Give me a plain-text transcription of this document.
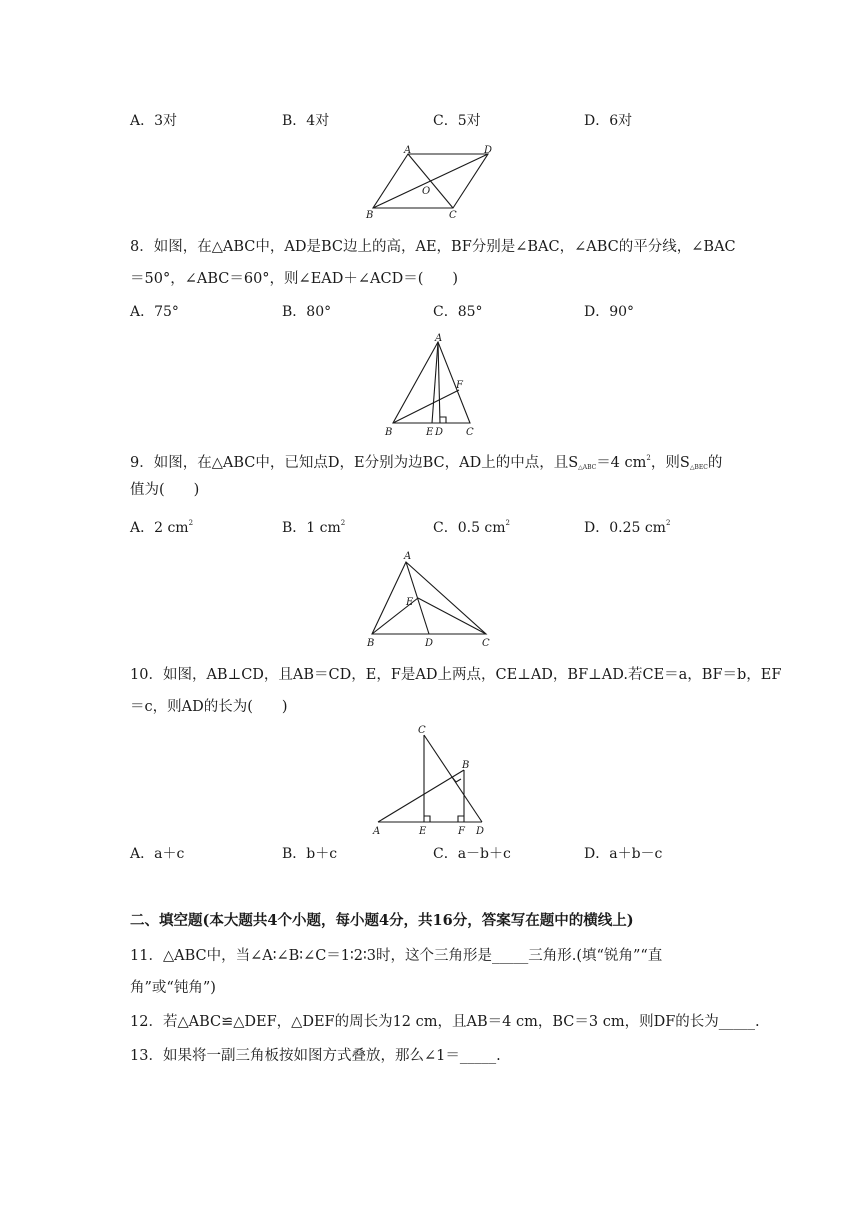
A．3对	B．4对	C．5对	D．6对
A	D
O
B	C
8．如图，在△ABC中，AD是BC边上的高，AE，BF分别是∠BAC，∠ABC的平分线，∠BAC
＝50°，∠ABC＝60°，则∠EAD＋∠ACD＝(　　)
A．75°	B．80°	C．85°	D．90°
A
F
B	E D C
9．如图，在△ABC中，已知点D，E分别为边BC，AD上的中点，且$S_{\triangle ABC}=4$ $cm^2$，则$S_{\triangle BEC}$的
值为(　　)
A．2 $cm^2$	B．1 $cm^2$	C．0.5 $cm^2$	D．0.25 $cm^2$
A
E
B	D	C
10．如图，AB⊥CD，且AB＝CD，E，F是AD上两点，CE⊥AD，BF⊥AD.若CE＝a，BF＝b，EF
＝c，则AD的长为(　　)
C
B
A	E	F D
A．a＋c	B．b＋c	C．a－b＋c	D．a＋b－c
二、填空题(本大题共4个小题，每小题4分，共16分，答案写在题中的横线上)
11．△ABC中，当∠A∶∠B∶∠C＝1∶2∶3时，这个三角形是_____三角形.(填“锐角”“直
角”或“钝角”)
12．若△ABC≌△DEF，△DEF的周长为12 cm，且AB＝4 cm，BC＝3 cm，则DF的长为_____.
13．如果将一副三角板按如图方式叠放，那么∠1＝_____.
